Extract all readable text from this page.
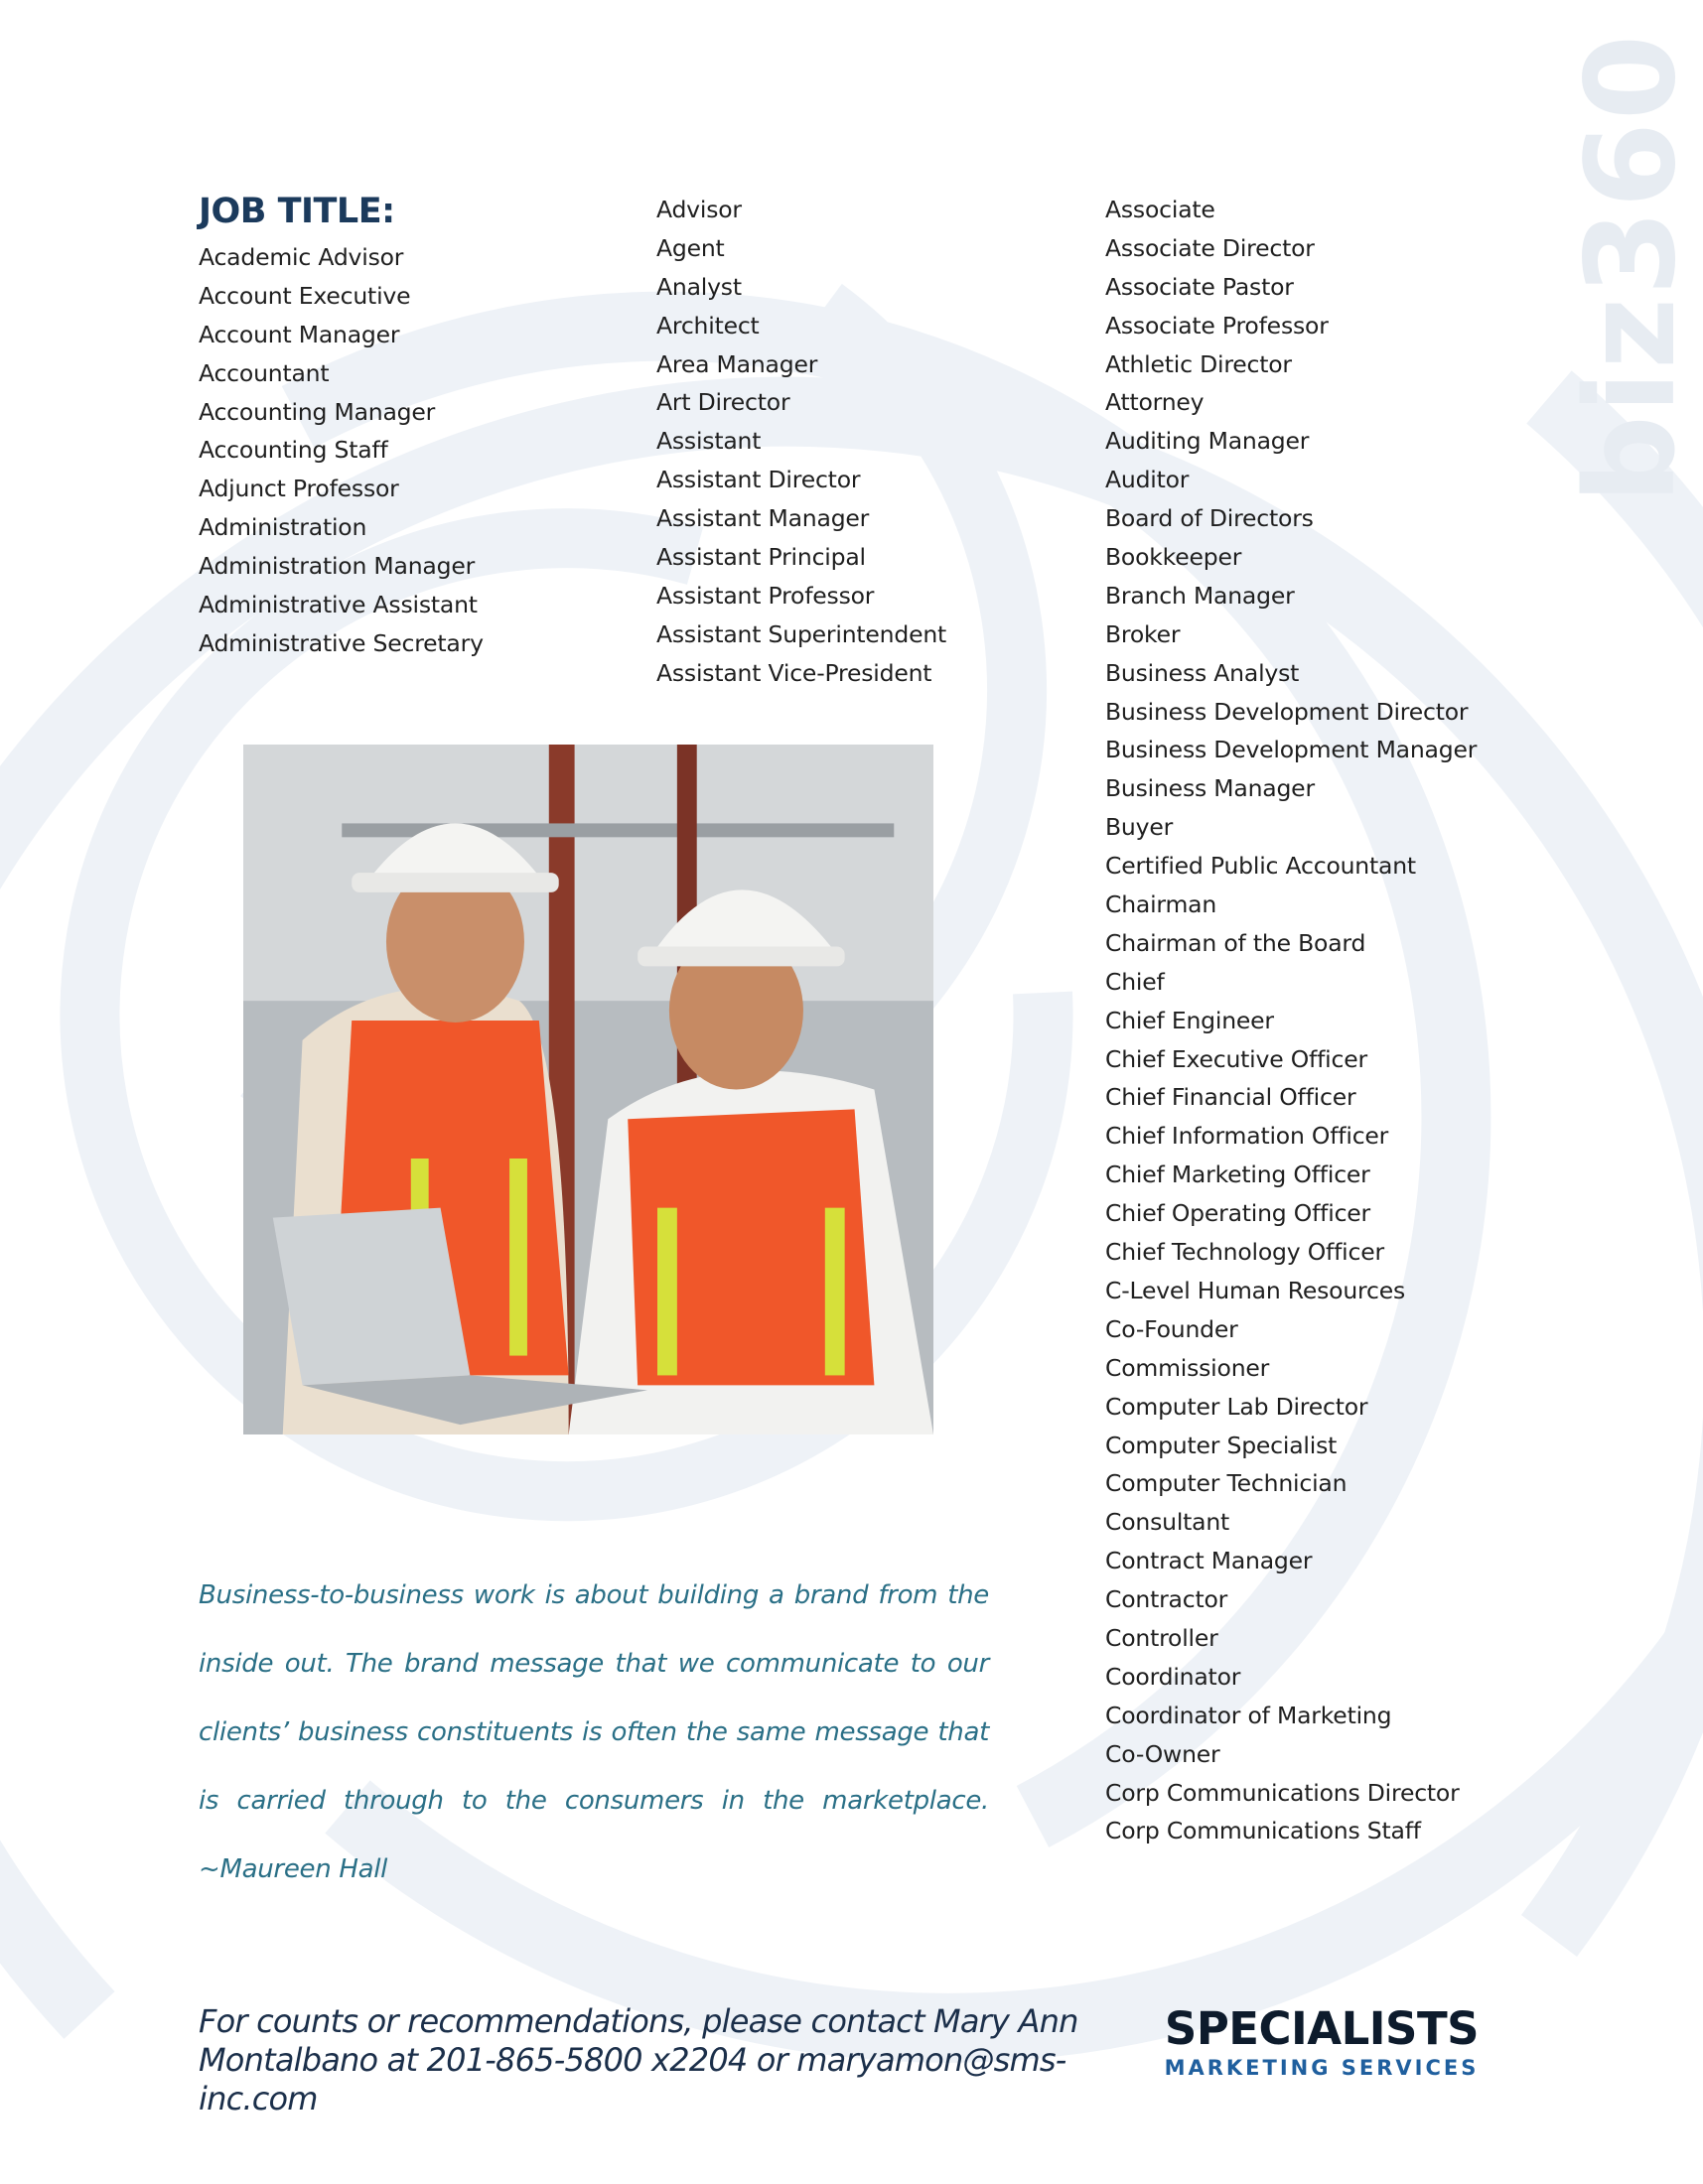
biz360
JOB TITLE:
Academic Advisor
Account Executive
Account Manager
Accountant
Accounting Manager
Accounting Staff
Adjunct Professor
Administration
Administration Manager
Administrative Assistant
Administrative Secretary
Advisor
Agent
Analyst
Architect
Area Manager
Art Director
Assistant
Assistant Director
Assistant Manager
Assistant Principal
Assistant Professor
Assistant Superintendent
Assistant Vice-President
Associate
Associate Director
Associate Pastor
Associate Professor
Athletic Director
Attorney
Auditing Manager
Auditor
Board of Directors
Bookkeeper
Branch Manager
Broker
Business Analyst
Business Development Director
Business Development Manager
Business Manager
Buyer
Certified Public Accountant
Chairman
Chairman of the Board
Chief
Chief Engineer
Chief Executive Officer
Chief Financial Officer
Chief Information Officer
Chief Marketing Officer
Chief Operating Officer
Chief Technology Officer
C-Level Human Resources
Co-Founder
Commissioner
Computer Lab Director
Computer Specialist
Computer Technician
Consultant
Contract Manager
Contractor
Controller
Coordinator
Coordinator of Marketing
Co-Owner
Corp Communications Director
Corp Communications Staff
Business-to-business work is about building a brand from the inside out. The brand message that we communicate to our clients’ business constituents is often the same message that is carried through to the consumers in the marketplace. ~Maureen Hall
For counts or recommendations, please contact Mary Ann
Montalbano at 201-865-5800 x2204 or maryamon@sms-inc.com
SPECIALISTS
MARKETING SERVICES
